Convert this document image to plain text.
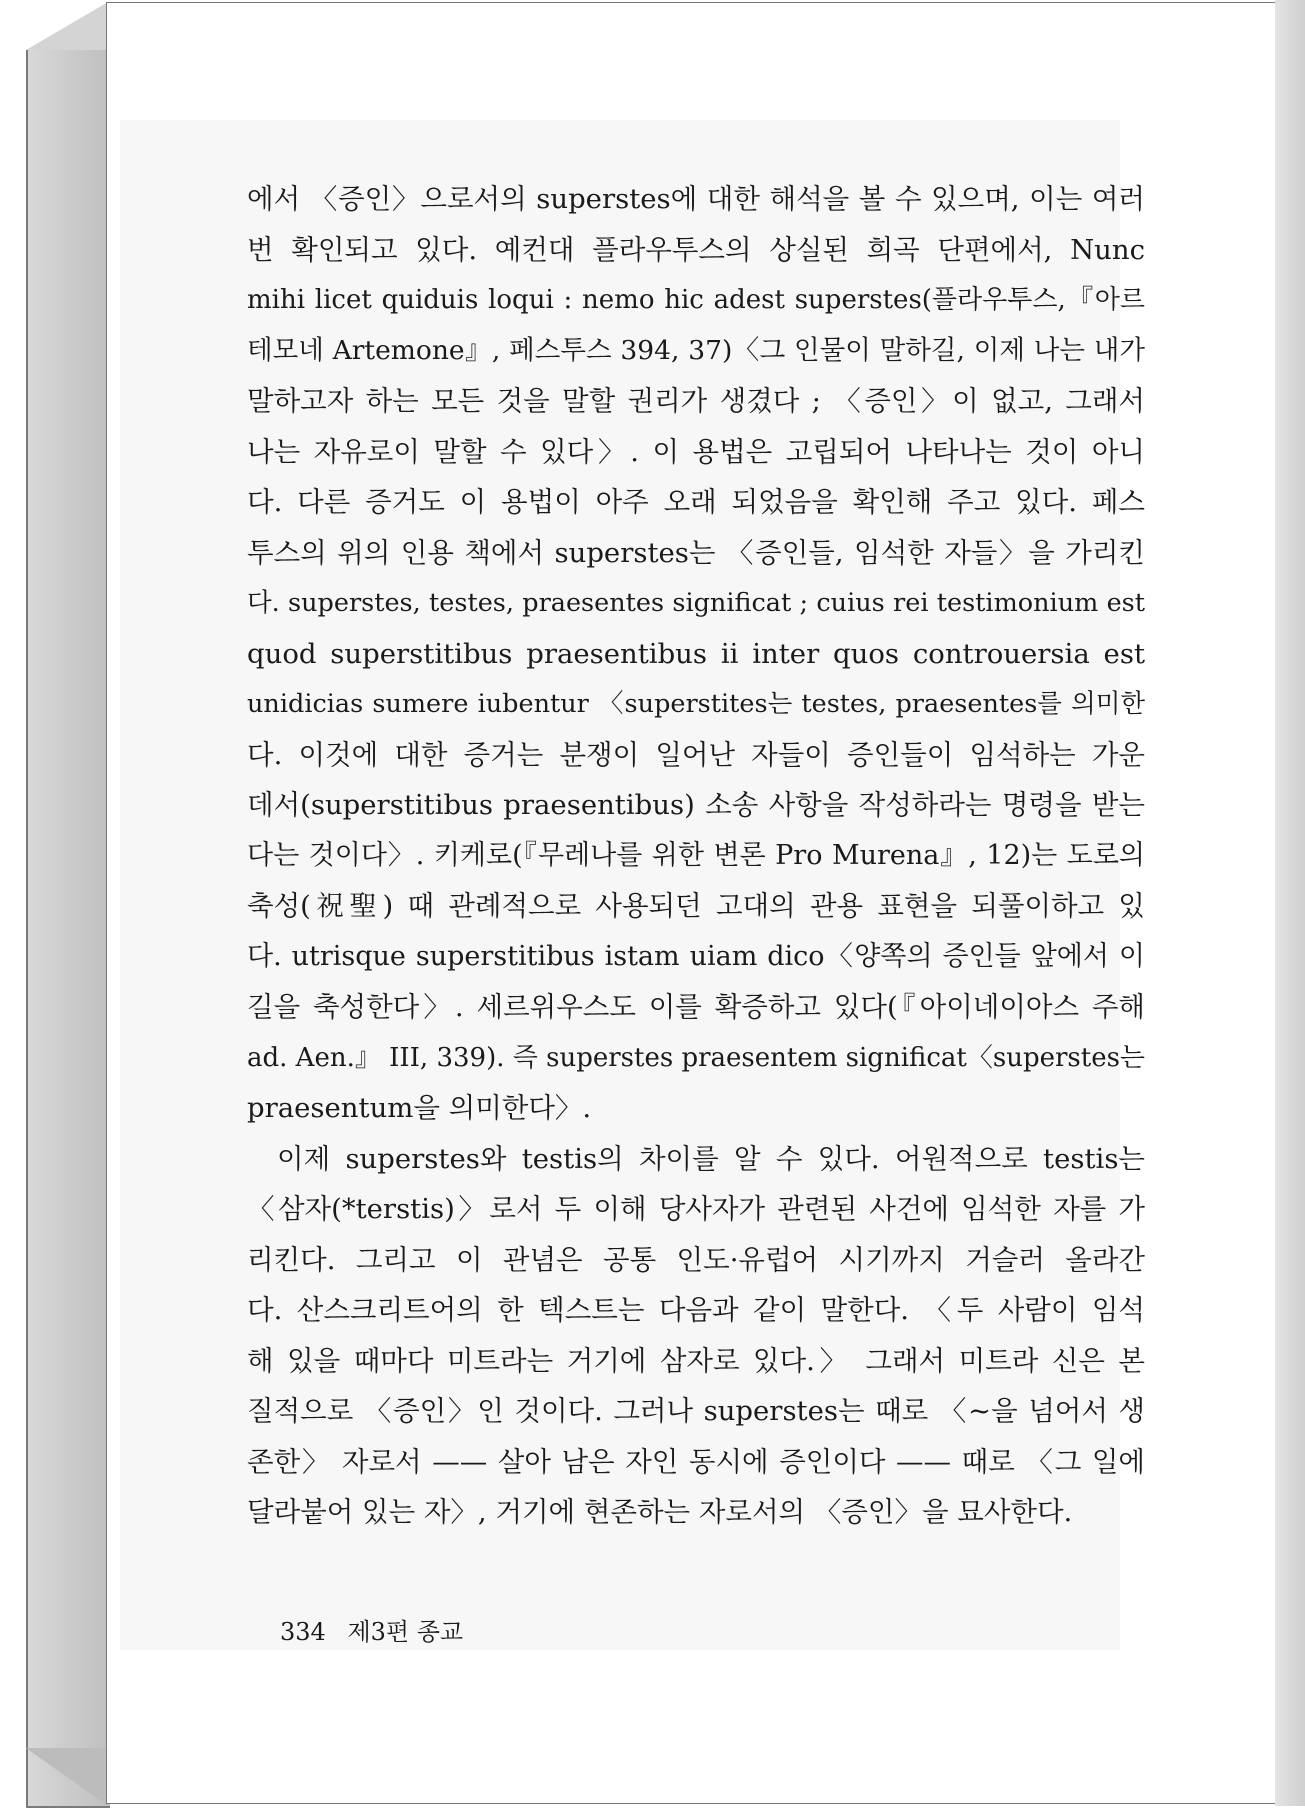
에서 〈증인〉으로서의 superstes에 대한 해석을 볼 수 있으며, 이는 여러
번 확인되고 있다. 예컨대 플라우투스의 상실된 희곡 단편에서, Nunc
mihi licet quiduis loqui : nemo hic adest superstes(플라우투스,『아르
테모네 Artemone』, 페스투스 394, 37)〈그 인물이 말하길, 이제 나는 내가
말하고자 하는 모든 것을 말할 권리가 생겼다 ; 〈증인〉이 없고, 그래서
나는 자유로이 말할 수 있다〉. 이 용법은 고립되어 나타나는 것이 아니
다. 다른 증거도 이 용법이 아주 오래 되었음을 확인해 주고 있다. 페스
투스의 위의 인용 책에서 superstes는 〈증인들, 임석한 자들〉을 가리킨
다. superstes, testes, praesentes significat ; cuius rei testimonium est
quod superstitibus praesentibus ii inter quos controuersia est
unidicias sumere iubentur 〈superstites는 testes, praesentes를 의미한
다. 이것에 대한 증거는 분쟁이 일어난 자들이 증인들이 임석하는 가운
데서(superstitibus praesentibus) 소송 사항을 작성하라는 명령을 받는
다는 것이다〉. 키케로(『무레나를 위한 변론 Pro Murena』, 12)는 도로의
축성(祝聖) 때 관례적으로 사용되던 고대의 관용 표현을 되풀이하고 있
다. utrisque superstitibus istam uiam dico〈양쪽의 증인들 앞에서 이
길을 축성한다〉. 세르위우스도 이를 확증하고 있다(『아이네이아스 주해
ad. Aen.』 III, 339). 즉 superstes praesentem significat〈superstes는
praesentum을 의미한다〉.
이제 superstes와 testis의 차이를 알 수 있다. 어원적으로 testis는
〈삼자(*terstis)〉로서 두 이해 당사자가 관련된 사건에 임석한 자를 가
리킨다. 그리고 이 관념은 공통 인도·유럽어 시기까지 거슬러 올라간
다. 산스크리트어의 한 텍스트는 다음과 같이 말한다. 〈두 사람이 임석
해 있을 때마다 미트라는 거기에 삼자로 있다.〉 그래서 미트라 신은 본
질적으로 〈증인〉인 것이다. 그러나 superstes는 때로 〈~을 넘어서 생
존한〉 자로서 —— 살아 남은 자인 동시에 증인이다 —— 때로 〈그 일에
달라붙어 있는 자〉, 거기에 현존하는 자로서의 〈증인〉을 묘사한다.
334 제3편 종교
